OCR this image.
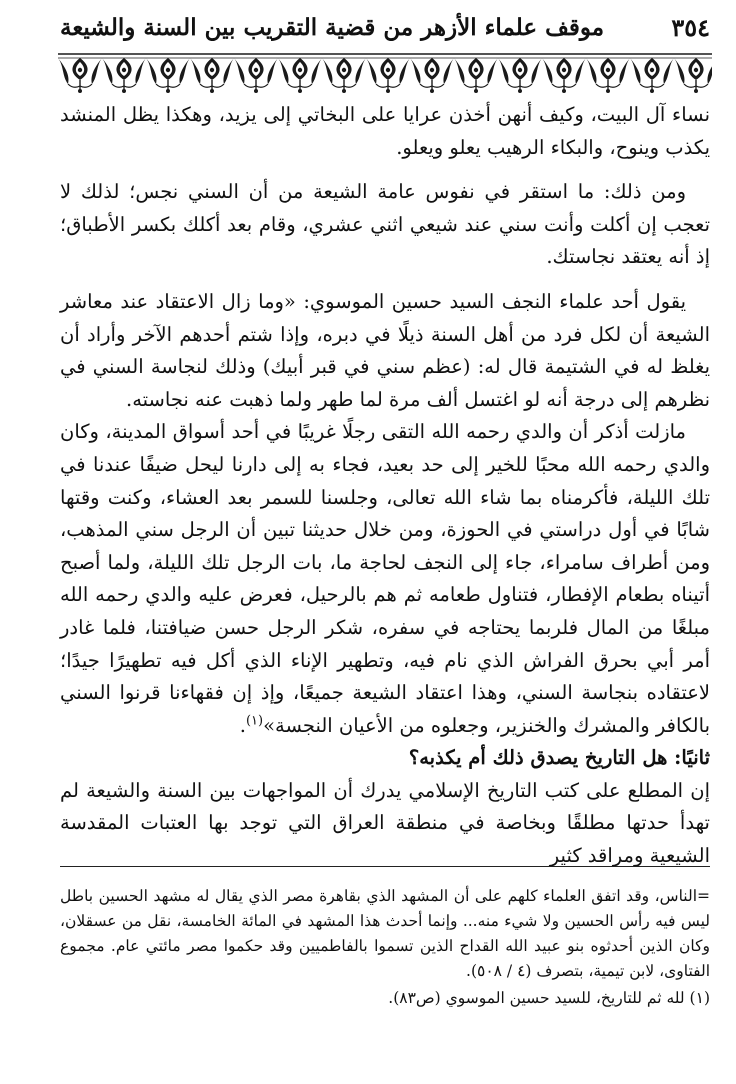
٣٥٤
موقف علماء الأزهر من قضية التقريب بين السنة والشيعة

نساء آل البيت، وكيف أنهن أخذن عرايا على البخاتي إلى يزيد، وهكذا يظل المنشد يكذب وينوح، والبكاء الرهيب يعلو ويعلو.

ومن ذلك: ما استقر في نفوس عامة الشيعة من أن السني نجس؛ لذلك لا تعجب إن أكلت وأنت سني عند شيعي اثني عشري، وقام بعد أكلك بكسر الأطباق؛ إذ أنه يعتقد نجاستك.

يقول أحد علماء النجف السيد حسين الموسوي: «وما زال الاعتقاد عند معاشر الشيعة أن لكل فرد من أهل السنة ذيلًا في دبره، وإذا شتم أحدهم الآخر وأراد أن يغلظ له في الشتيمة قال له: (عظم سني في قبر أبيك) وذلك لنجاسة السني في نظرهم إلى درجة أنه لو اغتسل ألف مرة لما طهر ولما ذهبت عنه نجاسته.

مازلت أذكر أن والدي رحمه الله التقى رجلًا غريبًا في أحد أسواق المدينة، وكان والدي رحمه الله محبًا للخير إلى حد بعيد، فجاء به إلى دارنا ليحل ضيفًا عندنا في تلك الليلة، فأكرمناه بما شاء الله تعالى، وجلسنا للسمر بعد العشاء، وكنت وقتها شابًا في أول دراستي في الحوزة، ومن خلال حديثنا تبين أن الرجل سني المذهب، ومن أطراف سامراء، جاء إلى النجف لحاجة ما، بات الرجل تلك الليلة، ولما أصبح أتيناه بطعام الإفطار، فتناول طعامه ثم هم بالرحيل، فعرض عليه والدي رحمه الله مبلغًا من المال فلربما يحتاجه في سفره، شكر الرجل حسن ضيافتنا، فلما غادر أمر أبي بحرق الفراش الذي نام فيه، وتطهير الإناء الذي أكل فيه تطهيرًا جيدًا؛ لاعتقاده بنجاسة السني، وهذا اعتقاد الشيعة جميعًا، وإذ إن فقهاءنا قرنوا السني بالكافر والمشرك والخنزير، وجعلوه من الأعيان النجسة»$^{(١)}$.

ثانيًا: هل التاريخ يصدق ذلك أم يكذبه؟

إن المطلع على كتب التاريخ الإسلامي يدرك أن المواجهات بين السنة والشيعة لم تهدأ حدتها مطلقًا وبخاصة في منطقة العراق التي توجد بها العتبات المقدسة الشيعية ومراقد كثير

=الناس، وقد اتفق العلماء كلهم على أن المشهد الذي بقاهرة مصر الذي يقال له مشهد الحسين باطل ليس فيه رأس الحسين ولا شيء منه... وإنما أحدث هذا المشهد في المائة الخامسة، نقل من عسقلان، وكان الذين أحدثوه بنو عبيد الله القداح الذين تسموا بالفاطميين وقد حكموا مصر مائتي عام. مجموع الفتاوى، لابن تيمية، بتصرف (٤ / ٥٠٨).

(١) لله ثم للتاريخ، للسيد حسين الموسوي (ص٨٣).
